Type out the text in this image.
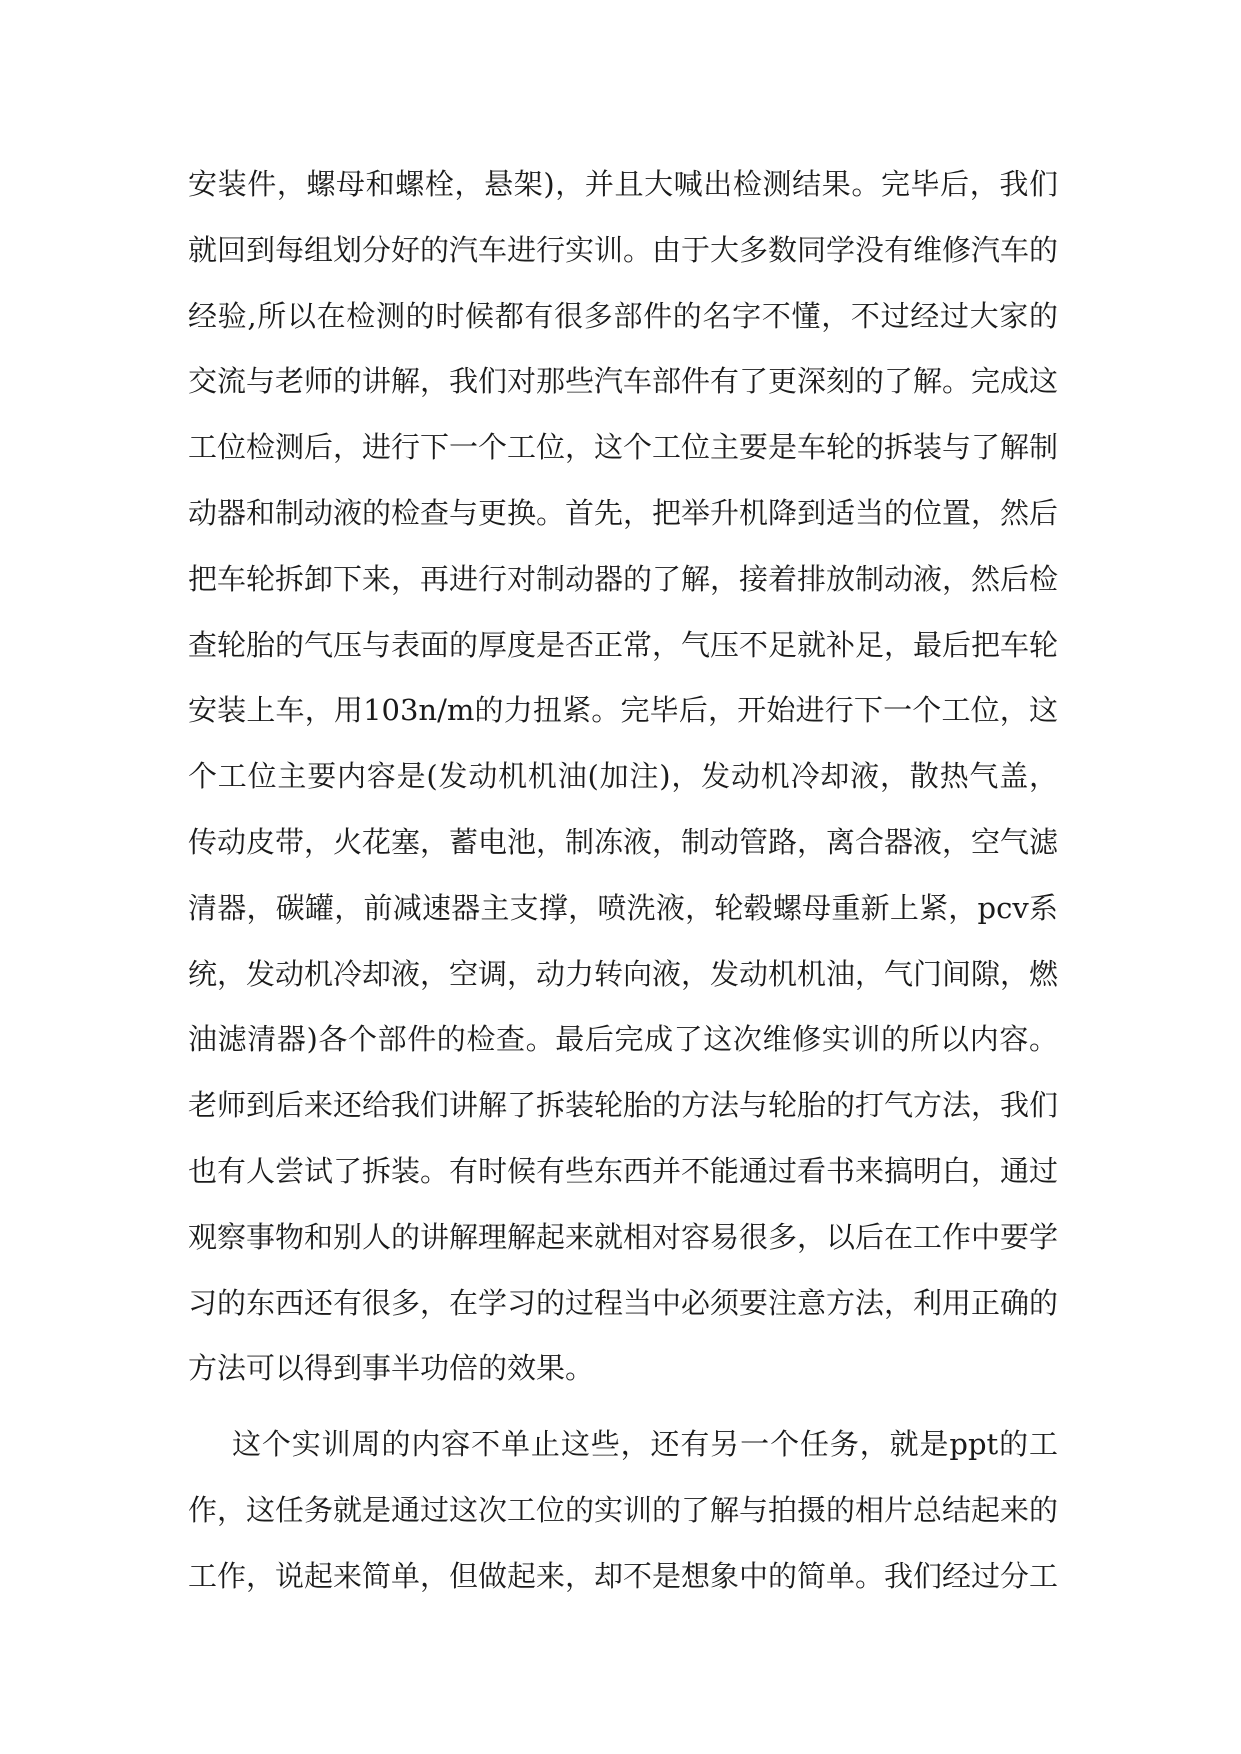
安装件，螺母和螺栓，悬架)，并且大喊出检测结果。完毕后，我们
就回到每组划分好的汽车进行实训。由于大多数同学没有维修汽车的
经验,所以在检测的时候都有很多部件的名字不懂，不过经过大家的
交流与老师的讲解，我们对那些汽车部件有了更深刻的了解。完成这
工位检测后，进行下一个工位，这个工位主要是车轮的拆装与了解制
动器和制动液的检查与更换。首先，把举升机降到适当的位置，然后
把车轮拆卸下来，再进行对制动器的了解，接着排放制动液，然后检
查轮胎的气压与表面的厚度是否正常，气压不足就补足，最后把车轮
安装上车，用103n/m的力扭紧。完毕后，开始进行下一个工位，这
个工位主要内容是(发动机机油(加注)，发动机冷却液，散热气盖，
传动皮带，火花塞，蓄电池，制冻液，制动管路，离合器液，空气滤
清器，碳罐，前减速器主支撑，喷洗液，轮毂螺母重新上紧，pcv系
统，发动机冷却液，空调，动力转向液，发动机机油，气门间隙，燃
油滤清器)各个部件的检查。最后完成了这次维修实训的所以内容。
老师到后来还给我们讲解了拆装轮胎的方法与轮胎的打气方法，我们
也有人尝试了拆装。有时候有些东西并不能通过看书来搞明白，通过
观察事物和别人的讲解理解起来就相对容易很多，以后在工作中要学
习的东西还有很多，在学习的过程当中必须要注意方法，利用正确的
方法可以得到事半功倍的效果。
这个实训周的内容不单止这些，还有另一个任务，就是ppt的工
作，这任务就是通过这次工位的实训的了解与拍摄的相片总结起来的
工作，说起来简单，但做起来，却不是想象中的简单。我们经过分工
